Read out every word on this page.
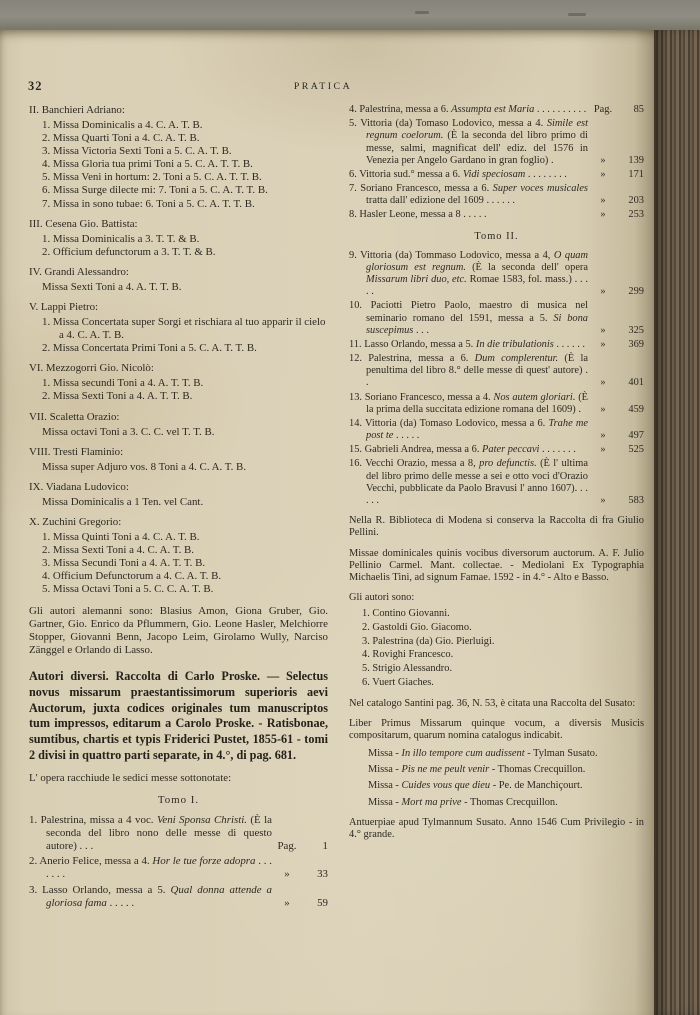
32	PRATICA
II. Banchieri Adriano:
1. Missa Dominicalis a 4. C. A. T. B.
2. Missa Quarti Toni a 4. C. A. T. B.
3. Missa Victoria Sexti Toni a 5. C. A. T. B.
4. Missa Gloria tua primi Toni a 5. C. A. T. T. B.
5. Missa Veni in hortum: 2. Toni a 5. C. A. T. T. B.
6. Missa Surge dilecte mi: 7. Toni a 5. C. A. T. T. B.
7. Missa in sono tubae: 6. Toni a 5. C. A. T. T. B.
III. Cesena Gio. Battista:
1. Missa Dominicalis a 3. T. T. & B.
2. Officium defunctorum a 3. T. T. & B.
IV. Grandi Alessandro:
Missa Sexti Toni a 4. A. T. T. B.
V. Lappi Pietro:
1. Missa Concertata super Sorgi et rischiara al tuo apparir il cielo a 4. C. A. T. B.
2. Missa Concertata Primi Toni a 5. C. A. T. T. B.
VI. Mezzogorri Gio. Nicolò:
1. Missa secundi Toni a 4. A. T. T. B.
2. Missa Sexti Toni a 4. A. T. T. B.
VII. Scaletta Orazio:
Missa octavi Toni a 3. C. C. vel T. T. B.
VIII. Tresti Flaminio:
Missa super Adjuro vos. 8 Toni a 4. C. A. T. B.
IX. Viadana Ludovico:
Missa Dominicalis a 1 Ten. vel Cant.
X. Zuchini Gregorio:
1. Missa Quinti Toni a 4. C. A. T. B.
2. Missa Sexti Toni a 4. C. A. T. B.
3. Missa Secundi Toni a 4. A. T. T. B.
4. Officium Defunctorum a 4. C. A. T. B.
5. Missa Octavi Toni a 5. C. C. A. T. B.

Gli autori alemanni sono: Blasius Amon, Giona Gruber, Gio. Gartner, Gio. Enrico da Pflummern, Gio. Leone Hasler, Melchiorre Stopper, Giovanni Benn, Jacopo Leim, Girolamo Wully, Narciso Zänggel e Orlando di Lasso.

Autori diversi. Raccolta di Carlo Proske. — Selectus novus missarum praestantissimorum superioris aevi Auctorum, juxta codices originales tum manuscriptos tum impressos, editarum a Carolo Proske. - Ratisbonae, sumtibus, chartis et typis Friderici Pustet, 1855-61 - tomi 2 divisi in quattro parti separate, in 4.°, di pag. 681.

L' opera racchiude le sedici messe sottonotate:

Tomo I.
1. Palestrina, missa a 4 voc. Veni Sponsa Christi. (È la seconda del libro nono delle messe di questo autore) . . .	Pag.	1
2. Anerio Felice, messa a 4. Hor le tue forze adopra . . . . . . .	»	33
3. Lasso Orlando, messa a 5. Qual donna attende a gloriosa fama . . . . .	»	59
4. Palestrina, messa a 6. Assumpta est Maria . . . . . . . . . . Pag.	85
5. Vittoria (da) Tomaso Lodovico, messa a 4. Simile est regnum coelorum. (È la seconda del libro primo di messe, salmi, magnificat dell' ediz. del 1576 in Venezia per Angelo Gardano in gran foglio) .	»	139
6. Vittoria sud.° messa a 6. Vidi speciosam . . . . . . . .	»	171
7. Soriano Francesco, messa a 6. Super voces musicales tratta dall' edizione del 1609 . . . . . .	»	203
8. Hasler Leone, messa a 8 . . . . .	»	253
Tomo II.
9. Vittoria (da) Tommaso Lodovico, messa a 4, O quam gloriosum est regnum. (È la seconda dell' opera Missarum libri duo, etc. Romae 1583, fol. mass.) . . . . .	»	299
10. Paciotti Pietro Paolo, maestro di musica nel seminario romano del 1591, messa a 5. Si bona suscepimus . . .	»	325
11. Lasso Orlando, messa a 5. In die tribulationis . . . . . .	»	369
12. Palestrina, messa a 6. Dum complerentur. (È la penultima del libro 8.° delle messe di quest' autore) . .	»	401
13. Soriano Francesco, messa a 4. Nos autem gloriari. (È la prima della succitata edizione romana del 1609) .	»	459
14. Vittoria (da) Tomaso Lodovico, messa a 6. Trahe me post te . . . . .	»	497
15. Gabrieli Andrea, messa a 6. Pater peccavi . . . . . . .	»	525
16. Vecchi Orazio, messa a 8, pro defunctis. (È l' ultima del libro primo delle messe a sei e otto voci d'Orazio Vecchi, pubblicate da Paolo Bravusi l' anno 1607). . . . . .	»	583

Nella R. Biblioteca di Modena si conserva la Raccolta di fra Giulio Pellini.

Missae dominicales quinis vocibus diversorum auctorum. A. F. Julio Pellinio Carmel. Mant. collectae. - Mediolani Ex Typographia Michaelis Tini, ad signum Famae. 1592 - in 4.° - Alto e Basso.

Gli autori sono:

1. Contino Giovanni.
2. Gastoldi Gio. Giacomo.
3. Palestrina (da) Gio. Pierluigi.
4. Rovighi Francesco.
5. Strigio Alessandro.
6. Vuert Giaches.

Nel catalogo Santini pag. 36, N. 53, è citata una Raccolta del Susato:

Liber Primus Missarum quinque vocum, a diversis Musicis compositarum, quarum nomina catalogus indicabit.

Missa - In illo tempore cum audissent - Tylman Susato.
Missa - Pis ne me peult venir - Thomas Crecquillon.
Missa - Cuides vous que dieu - Pe. de Manchiçourt.
Missa - Mort ma prive - Thomas Crecquillon.

Antuerpiae apud Tylmannum Susato. Anno 1546 Cum Privilegio - in 4.° grande.
